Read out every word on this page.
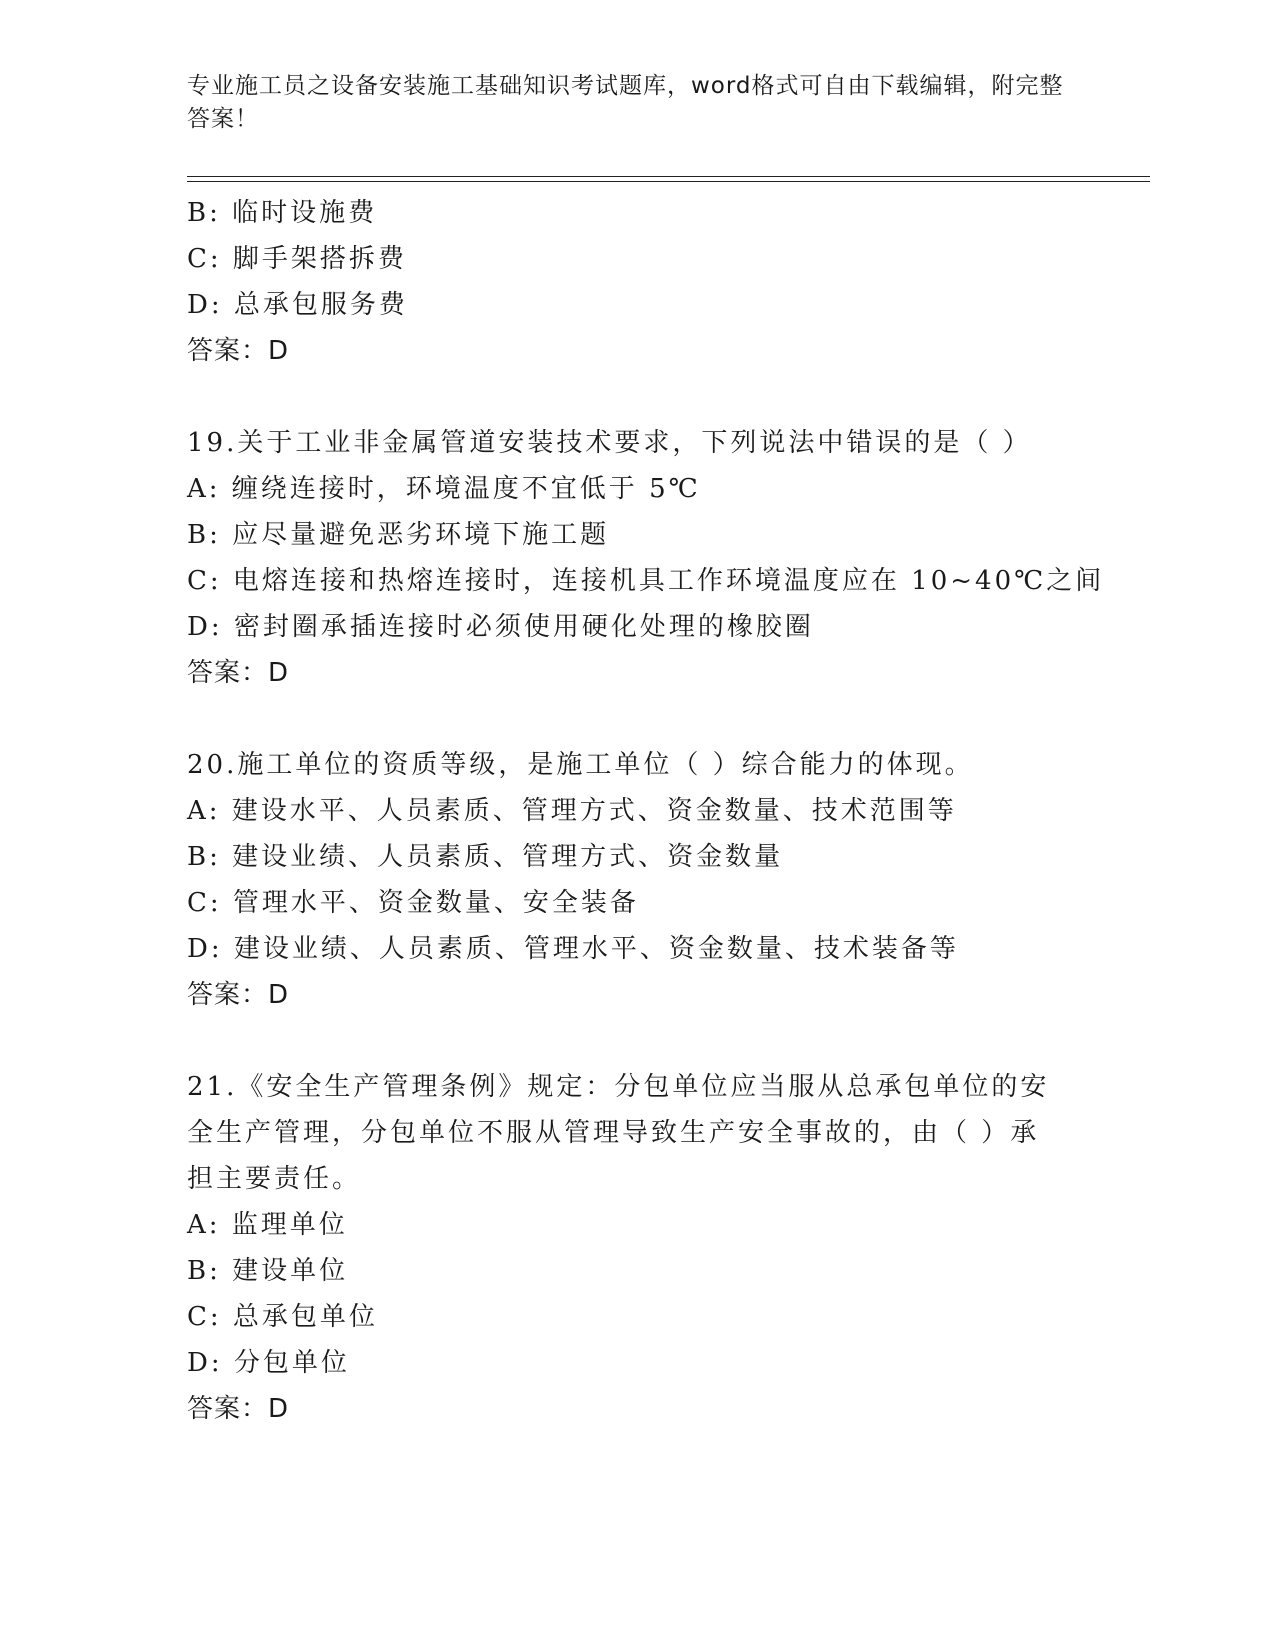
专业施工员之设备安装施工基础知识考试题库，word格式可自由下载编辑，附完整答案！
B: 临时设施费
C: 脚手架搭拆费
D: 总承包服务费
答案：D
19.关于工业非金属管道安装技术要求，下列说法中错误的是（ ）
A: 缠绕连接时，环境温度不宜低于 5℃
B: 应尽量避免恶劣环境下施工题
C: 电熔连接和热熔连接时，连接机具工作环境温度应在 10~40℃之间
D: 密封圈承插连接时必须使用硬化处理的橡胶圈
答案：D
20.施工单位的资质等级，是施工单位（ ）综合能力的体现。
A: 建设水平、人员素质、管理方式、资金数量、技术范围等
B: 建设业绩、人员素质、管理方式、资金数量
C: 管理水平、资金数量、安全装备
D: 建设业绩、人员素质、管理水平、资金数量、技术装备等
答案：D
21.《安全生产管理条例》规定：分包单位应当服从总承包单位的安全生产管理，分包单位不服从管理导致生产安全事故的，由（ ）承担主要责任。
A: 监理单位
B: 建设单位
C: 总承包单位
D: 分包单位
答案：D
